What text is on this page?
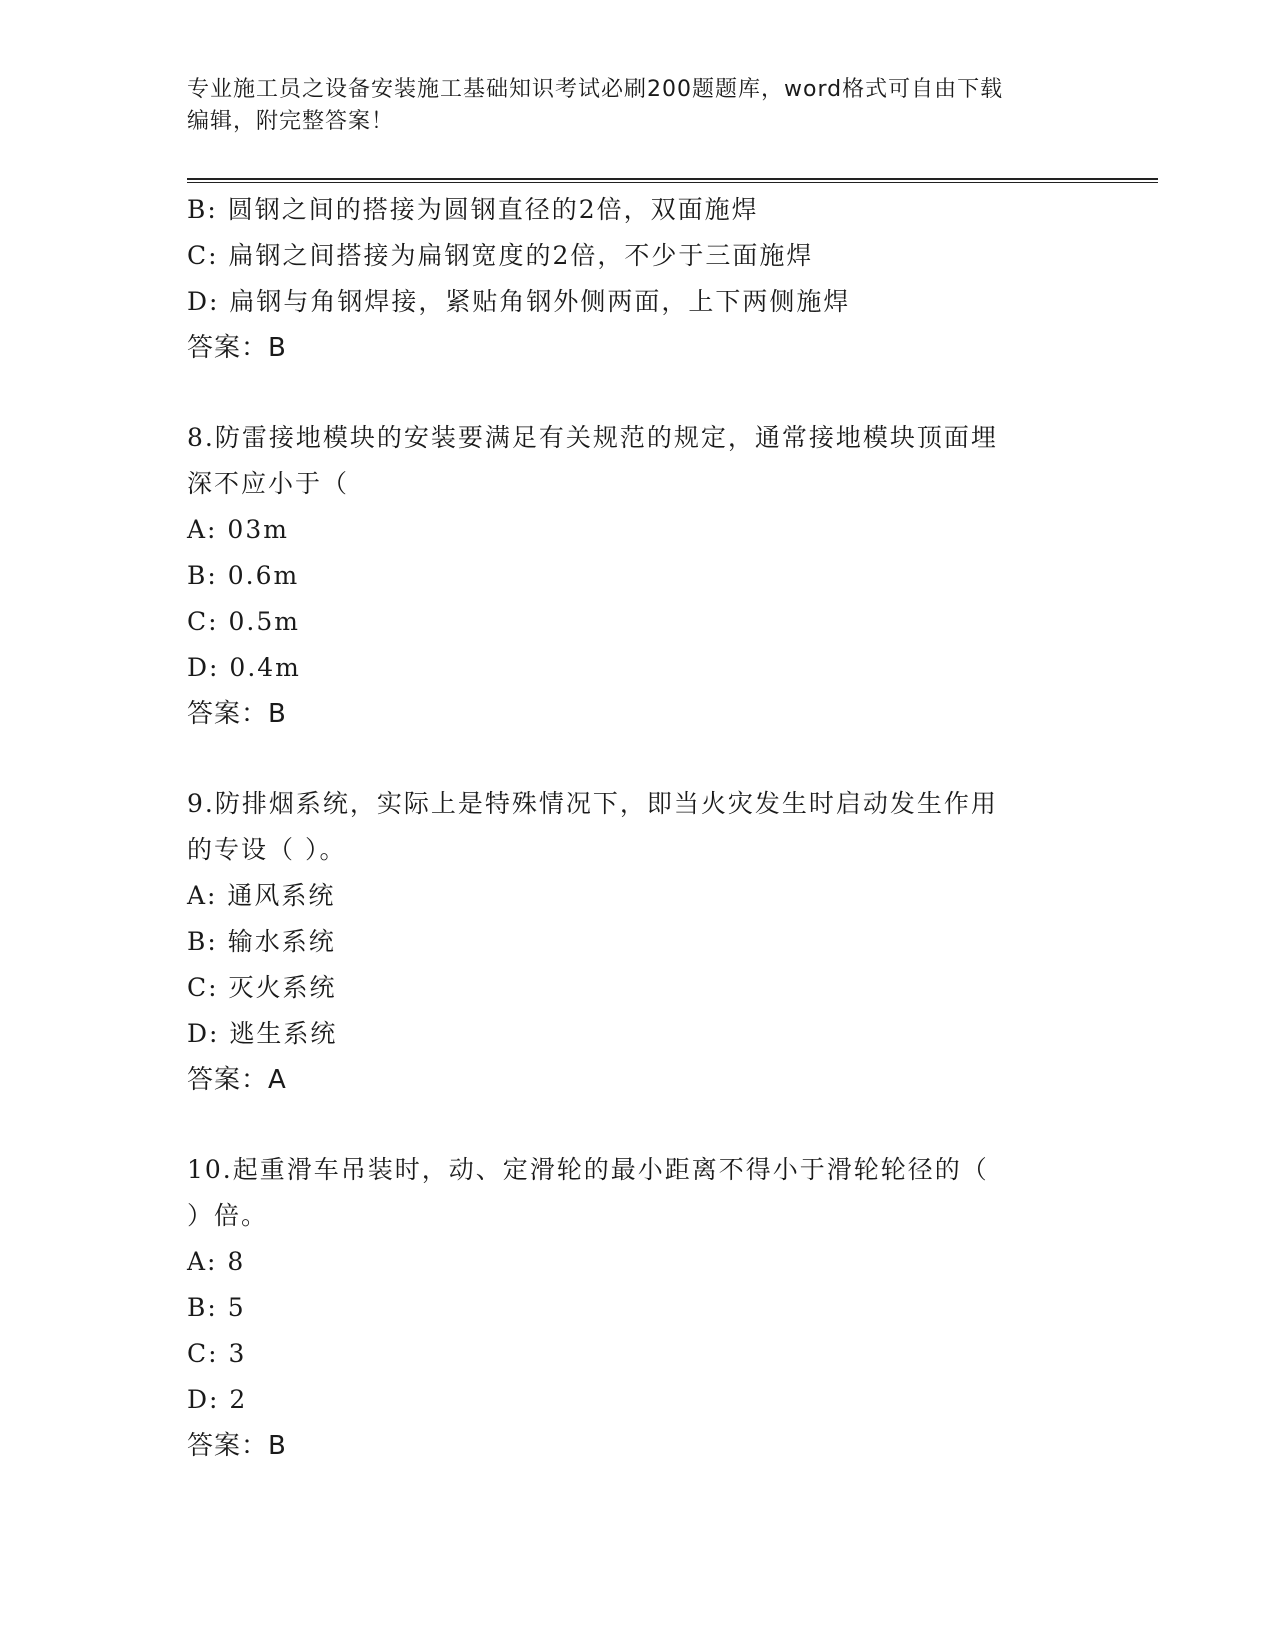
专业施工员之设备安装施工基础知识考试必刷200题题库，word格式可自由下载
编辑，附完整答案！
B: 圆钢之间的搭接为圆钢直径的2倍，双面施焊
C: 扁钢之间搭接为扁钢宽度的2倍，不少于三面施焊
D: 扁钢与角钢焊接，紧贴角钢外侧两面，上下两侧施焊
答案：B
8.防雷接地模块的安装要满足有关规范的规定，通常接地模块顶面埋
深不应小于（
A: 03m
B: 0.6m
C: 0.5m
D: 0.4m
答案：B
9.防排烟系统，实际上是特殊情况下，即当火灾发生时启动发生作用
的专设（ ）。
A: 通风系统
B: 输水系统
C: 灭火系统
D: 逃生系统
答案：A
10.起重滑车吊装时，动、定滑轮的最小距离不得小于滑轮轮径的（
）倍。
A: 8
B: 5
C: 3
D: 2
答案：B
